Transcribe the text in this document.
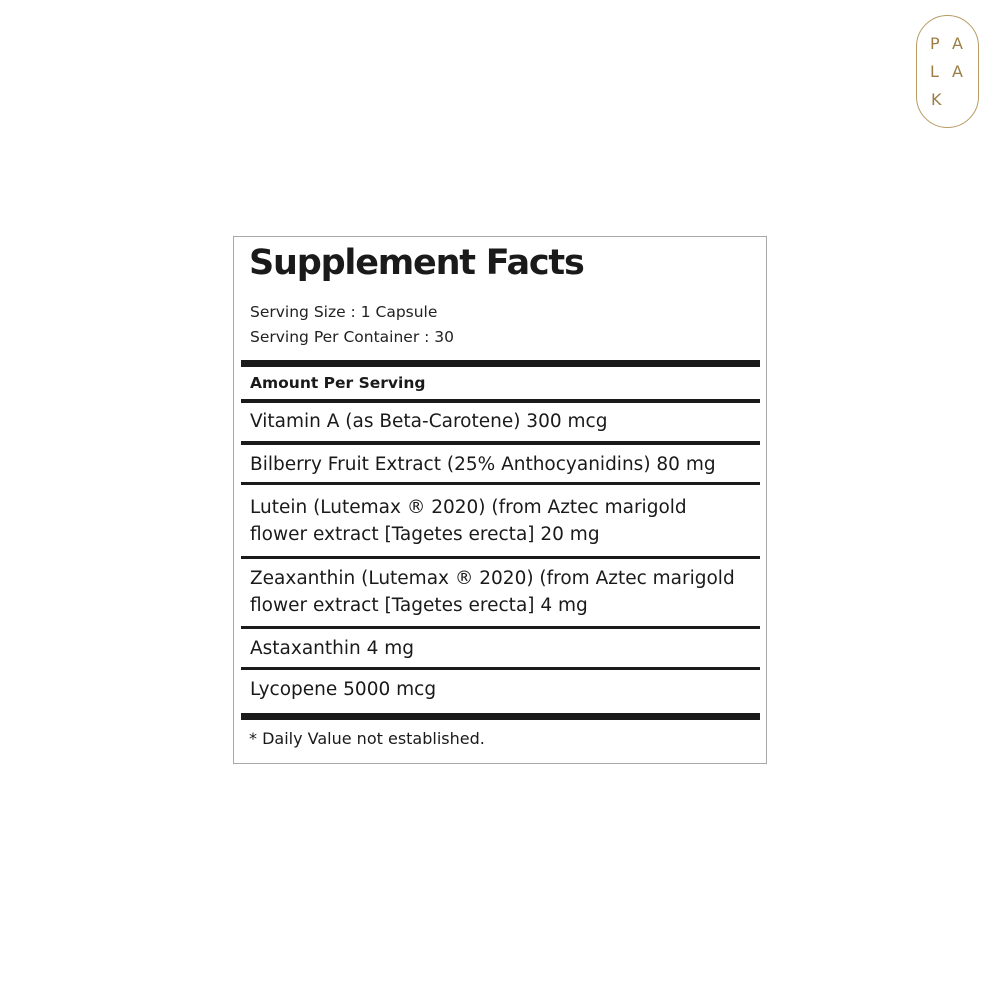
P A
L A
K
Supplement Facts
Serving Size : 1 Capsule
Serving Per Container : 30
Amount Per Serving
Vitamin A (as Beta-Carotene) 300 mcg
Bilberry Fruit Extract (25% Anthocyanidins) 80 mg
Lutein (Lutemax ® 2020) (from Aztec marigold
flower extract [Tagetes erecta] 20 mg
Zeaxanthin (Lutemax ® 2020) (from Aztec marigold
flower extract [Tagetes erecta] 4 mg
Astaxanthin 4 mg
Lycopene 5000 mcg
* Daily Value not established.
